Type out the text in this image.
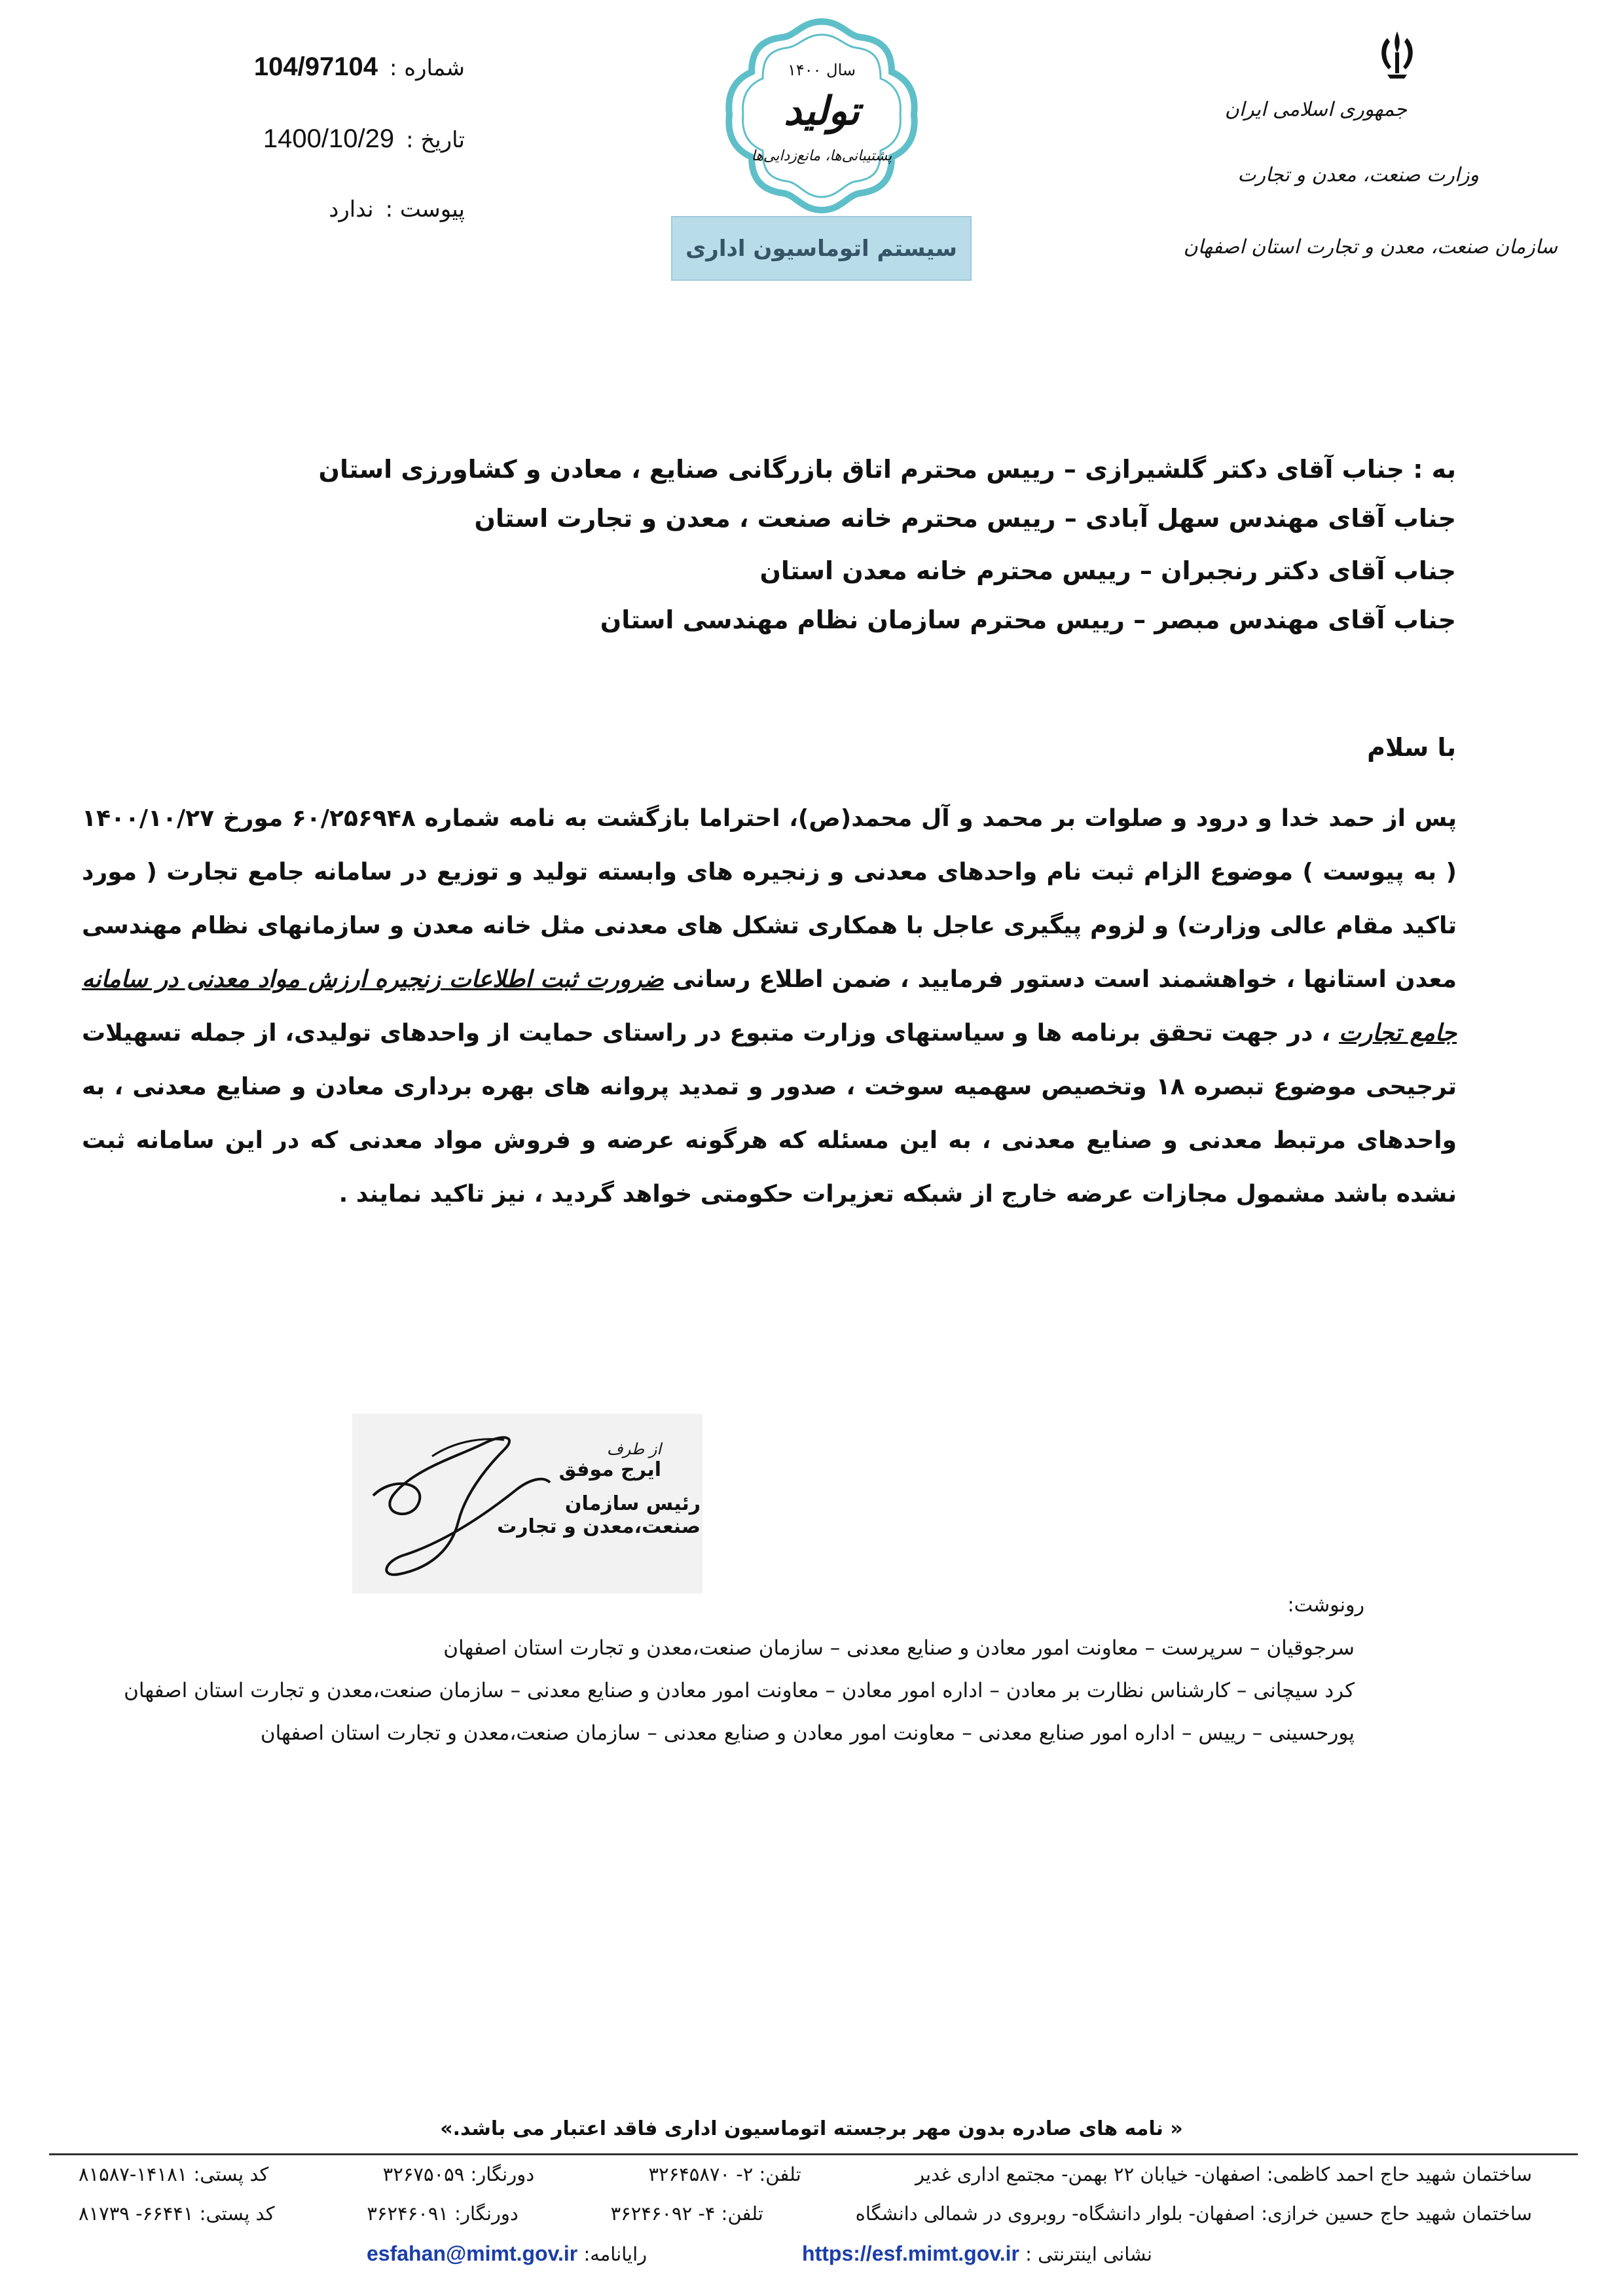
جمهوری اسلامی ایران
وزارت صنعت، معدن و تجارت
سازمان صنعت، معدن و تجارت استان اصفهان
سال ۱۴۰۰
تولید
پشتیبانی‌ها، مانع‌زدایی‌ها
سیستم اتوماسیون اداری
شماره :
104/97104
تاریخ :
1400/10/29
پیوست :
ندارد
به : جناب آقای دکتر گلشیرازی – ریيس محترم اتاق بازرگانی صنایع ، معادن و کشاورزی استان
جناب آقای مهندس سهل آبادی – ریيس محترم خانه صنعت ، معدن و تجارت استان
جناب آقای دکتر رنجبران – ریيس محترم خانه معدن استان
جناب آقای مهندس مبصر – ریيس محترم سازمان نظام مهندسی استان
با سلام
پس از حمد خدا و درود و صلوات بر محمد و آل محمد(ص)، احتراما بازگشت به نامه شماره ۶۰/۲۵۶۹۴۸ مورخ ۱۴۰۰/۱۰/۲۷ ( به پیوست ) موضوع الزام ثبت نام واحدهای معدنی و زنجیره های وابسته تولید و توزیع در سامانه جامع تجارت ( مورد تاکید مقام عالی وزارت) و لزوم پیگیری عاجل با همکاری تشکل های معدنی مثل خانه معدن و سازمانهای نظام مهندسی معدن استانها ، خواهشمند است دستور فرمایید ، ضمن اطلاع رسانی ضرورت ثبت اطلاعات زنجیره ارزش مواد معدنی در سامانه جامع تجارت ، در جهت تحقق برنامه ها و سیاستهای وزارت متبوع در راستای حمایت از واحدهای تولیدی، از جمله تسهیلات ترجیحی موضوع تبصره ۱۸ وتخصیص سهمیه سوخت ، صدور و تمدید پروانه های بهره برداری معادن و صنایع معدنی ، به واحدهای مرتبط معدنی و صنایع معدنی ، به این مسئله که هرگونه عرضه و فروش مواد معدنی که در این سامانه ثبت نشده باشد مشمول مجازات عرضه خارج از شبکه تعزیرات حکومتی خواهد گردید ، نیز تاکید نمایند .
از طرف
ایرج موفق
رئیس سازمان صنعت،معدن و تجارت
رونوشت:
سرجوقیان – سرپرست – معاونت امور معادن و صنایع معدنی – سازمان صنعت،معدن و تجارت استان اصفهان
کرد سیچانی – کارشناس نظارت بر معادن – اداره امور معادن – معاونت امور معادن و صنایع معدنی – سازمان صنعت،معدن و تجارت استان اصفهان
پورحسینی – رییس – اداره امور صنایع معدنی – معاونت امور معادن و صنایع معدنی – سازمان صنعت،معدن و تجارت استان اصفهان
« نامه های صادره بدون مهر برجسته اتوماسیون اداری فاقد اعتبار می باشد.»
ساختمان شهید حاج احمد کاظمی: اصفهان- خیابان ۲۲ بهمن- مجتمع اداری غدیر
تلفن: ۲- ۳۲۶۴۵۸۷۰
دورنگار: ۳۲۶۷۵۰۵۹
کد پستی: ۱۴۱۸۱-۸۱۵۸۷
ساختمان شهید حاج حسین خرازی: اصفهان- بلوار دانشگاه- روبروی در شمالی دانشگاه
تلفن: ۴- ۳۶۲۴۶۰۹۲
دورنگار: ۳۶۲۴۶۰۹۱
کد پستی: ۶۶۴۴۱- ۸۱۷۳۹
نشانی اینترنتی : https://esf.mimt.gov.ir
رایانامه: esfahan@mimt.gov.ir
